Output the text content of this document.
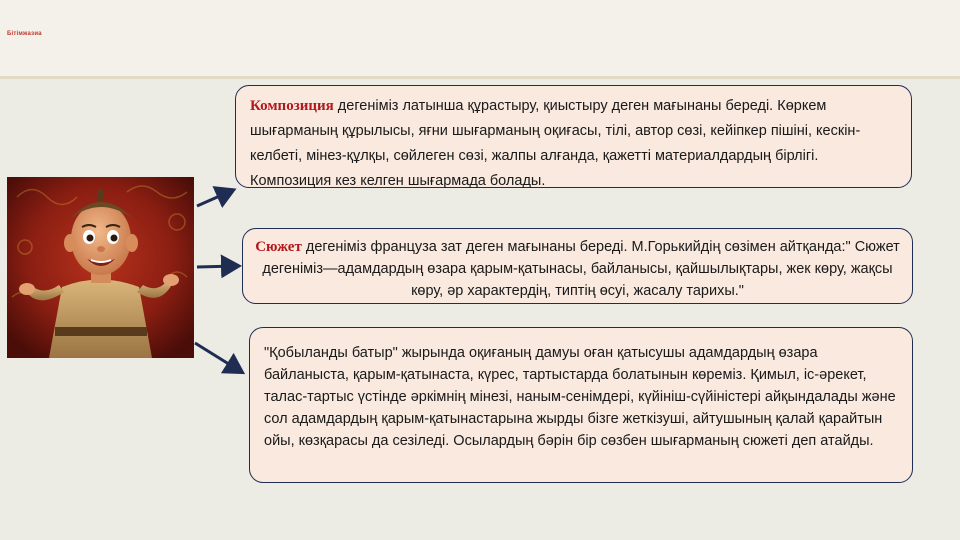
Бітімжазиа
Композиция дегеніміз латынша құрастыру, қиыстыру деген мағынаны береді. Көркем шығарманың құрылысы, яғни шығарманың оқиғасы, тілі, автор сөзі, кейіпкер пішіні, кескін-келбеті, мінез-құлқы, сөйлеген сөзі, жалпы алғанда, қажетті материалдардың бірлігі. Композиция кез келген шығармада болады.
Сюжет дегеніміз француза зат деген мағынаны береді. М.Горькийдің сөзімен айтқанда:" Сюжет дегеніміз—адамдардың өзара қарым-қатынасы, байланысы, қайшылықтары, жек көру, жақсы көру, әр характердің, типтің өсуі, жасалу тарихы."
"Қобыланды батыр" жырында оқиғаның дамуы оған қатысушы адамдардың өзара байланыста, қарым-қатынаста, күрес, тартыстарда болатынын көреміз. Қимыл, іс-әрекет, талас-тартыс үстінде әркімнің мінезі, наным-сенімдері, күйініш-сүйіністері айқындалады және сол адамдардың қарым-қатынастарына жырды бізге жеткізуші, айтушының қалай қарайтын ойы, көзқарасы да сезіледі. Осылардың бәрін бір сөзбен шығарманың сюжеті деп атайды.
